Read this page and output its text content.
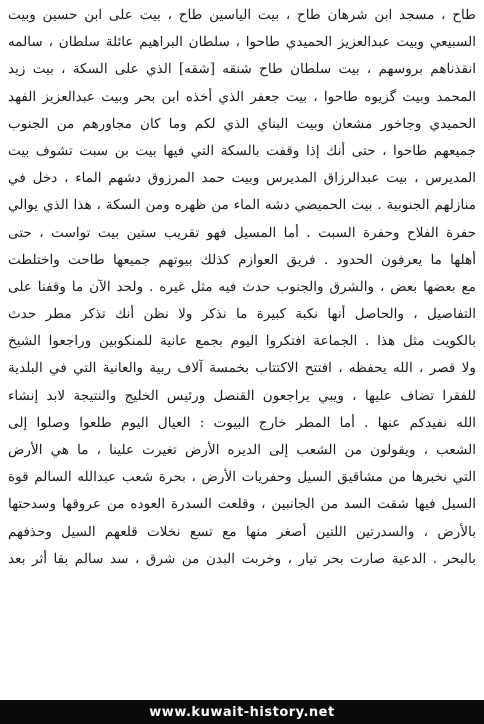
طاح ، مسجد ابن شرهان طاح ، بيت الياسين طاح ، بيت على ابن حسين وبيت
السبيعي وبيت عبدالعزيز الحميدي طاحوا ، سلطان البراهيم عائلة سلطان ، سالمه
انقذناهم بروسهم ، بيت سلطان طاح شنقه [شقه] الذي على السكة ، بيت زيد
المحمد وبيت گزيوه طاحوا ، بيت جعفر الذي أخذه ابن بحر وبيت عبدالعزيز الفهد
الحميدي وجاخور مشعان وبيت البناي الذي لكم وما كان مجاورهم من الجنوب
جميعهم طاحوا ، حتى أنك إذا وقفت بالسكة التي فيها بيت بن سبت تشوف بيت
المديرس ، بيت عبدالرزاق المديرس وبيت حمد المرزوق دشهم الماء ، دخل في
منازلهم الجنوبية . بيت الحميضي دشه الماء من ظهره ومن السكة ، هذا الذي يوالي
حفرة الفلاح وحفرة السبت . أما المسيل فهو تقريب ستين بيت تواست ، حتى
أهلها ما يعرفون الحدود . فريق العوازم كذلك بيوتهم جميعها طاحت واختلطت
مع بعضها بعض ، والشرق والجنوب حدث فيه مثل غيره . ولحد الآن ما وقفنا على
التفاصيل ، والحاصل أنها نكبة كبيرة ما نذكر ولا نظن أنك تذكر مطر حدث
بالكويت مثل هذا . الجماعة افتكروا اليوم بجمع عانية للمنكوبين وراجعوا الشيخ
ولا قصر ، الله يحفظه ، افتتح الاكتتاب بخمسة آلاف ربية والعانية التي في البلدية
للفقرا تضاف عليها ، ويبي يراجعون القنصل ورئيس الخليج والنتيجة لابد إنشاء
الله نفيدكم عنها . أما المطر خارج البيوت : العيال اليوم طلعوا وصلوا إلى
الشعب ، ويقولون من الشعب إلى الديره الأرض تغيرت علينا ، ما هي الأرض
التي نخبرها من مشاقيق السيل وحفريات الأرض ، بحرة شعب عبدالله السالم قوة
السيل فيها شقت السد من الجانبين ، وقلعت السدرة العوده من عروقها وسدحتها
بالأرض ، والسدرتين اللتين أصغر منها مع تسع نخلات قلعهم السيل وحذفهم
بالبحر . الدعية صارت بحر تيار ، وخربت البدن من شرق ، سد سالم بقا أثر بعد
www.kuwait-history.net
